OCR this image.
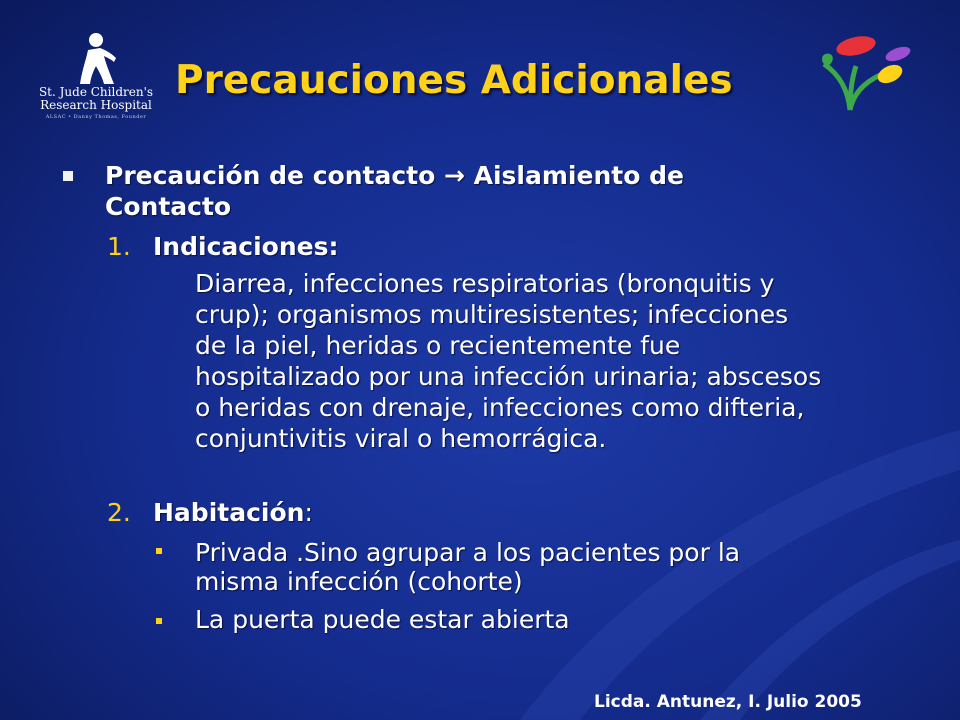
St. Jude Children's
Research Hospital
ALSAC • Danny Thomas, Founder
Precauciones Adicionales
Precaución de contacto → Aislamiento de
Contacto
1. Indicaciones:
Diarrea, infecciones respiratorias (bronquitis y
crup); organismos multiresistentes; infecciones
de la piel, heridas o recientemente fue
hospitalizado por una infección urinaria; abscesos
o heridas con drenaje, infecciones como difteria,
conjuntivitis viral o hemorrágica.
2. Habitación:
Privada .Sino agrupar a los pacientes por la
misma infección (cohorte)
La puerta puede estar abierta
Licda. Antunez, I. Julio 2005
